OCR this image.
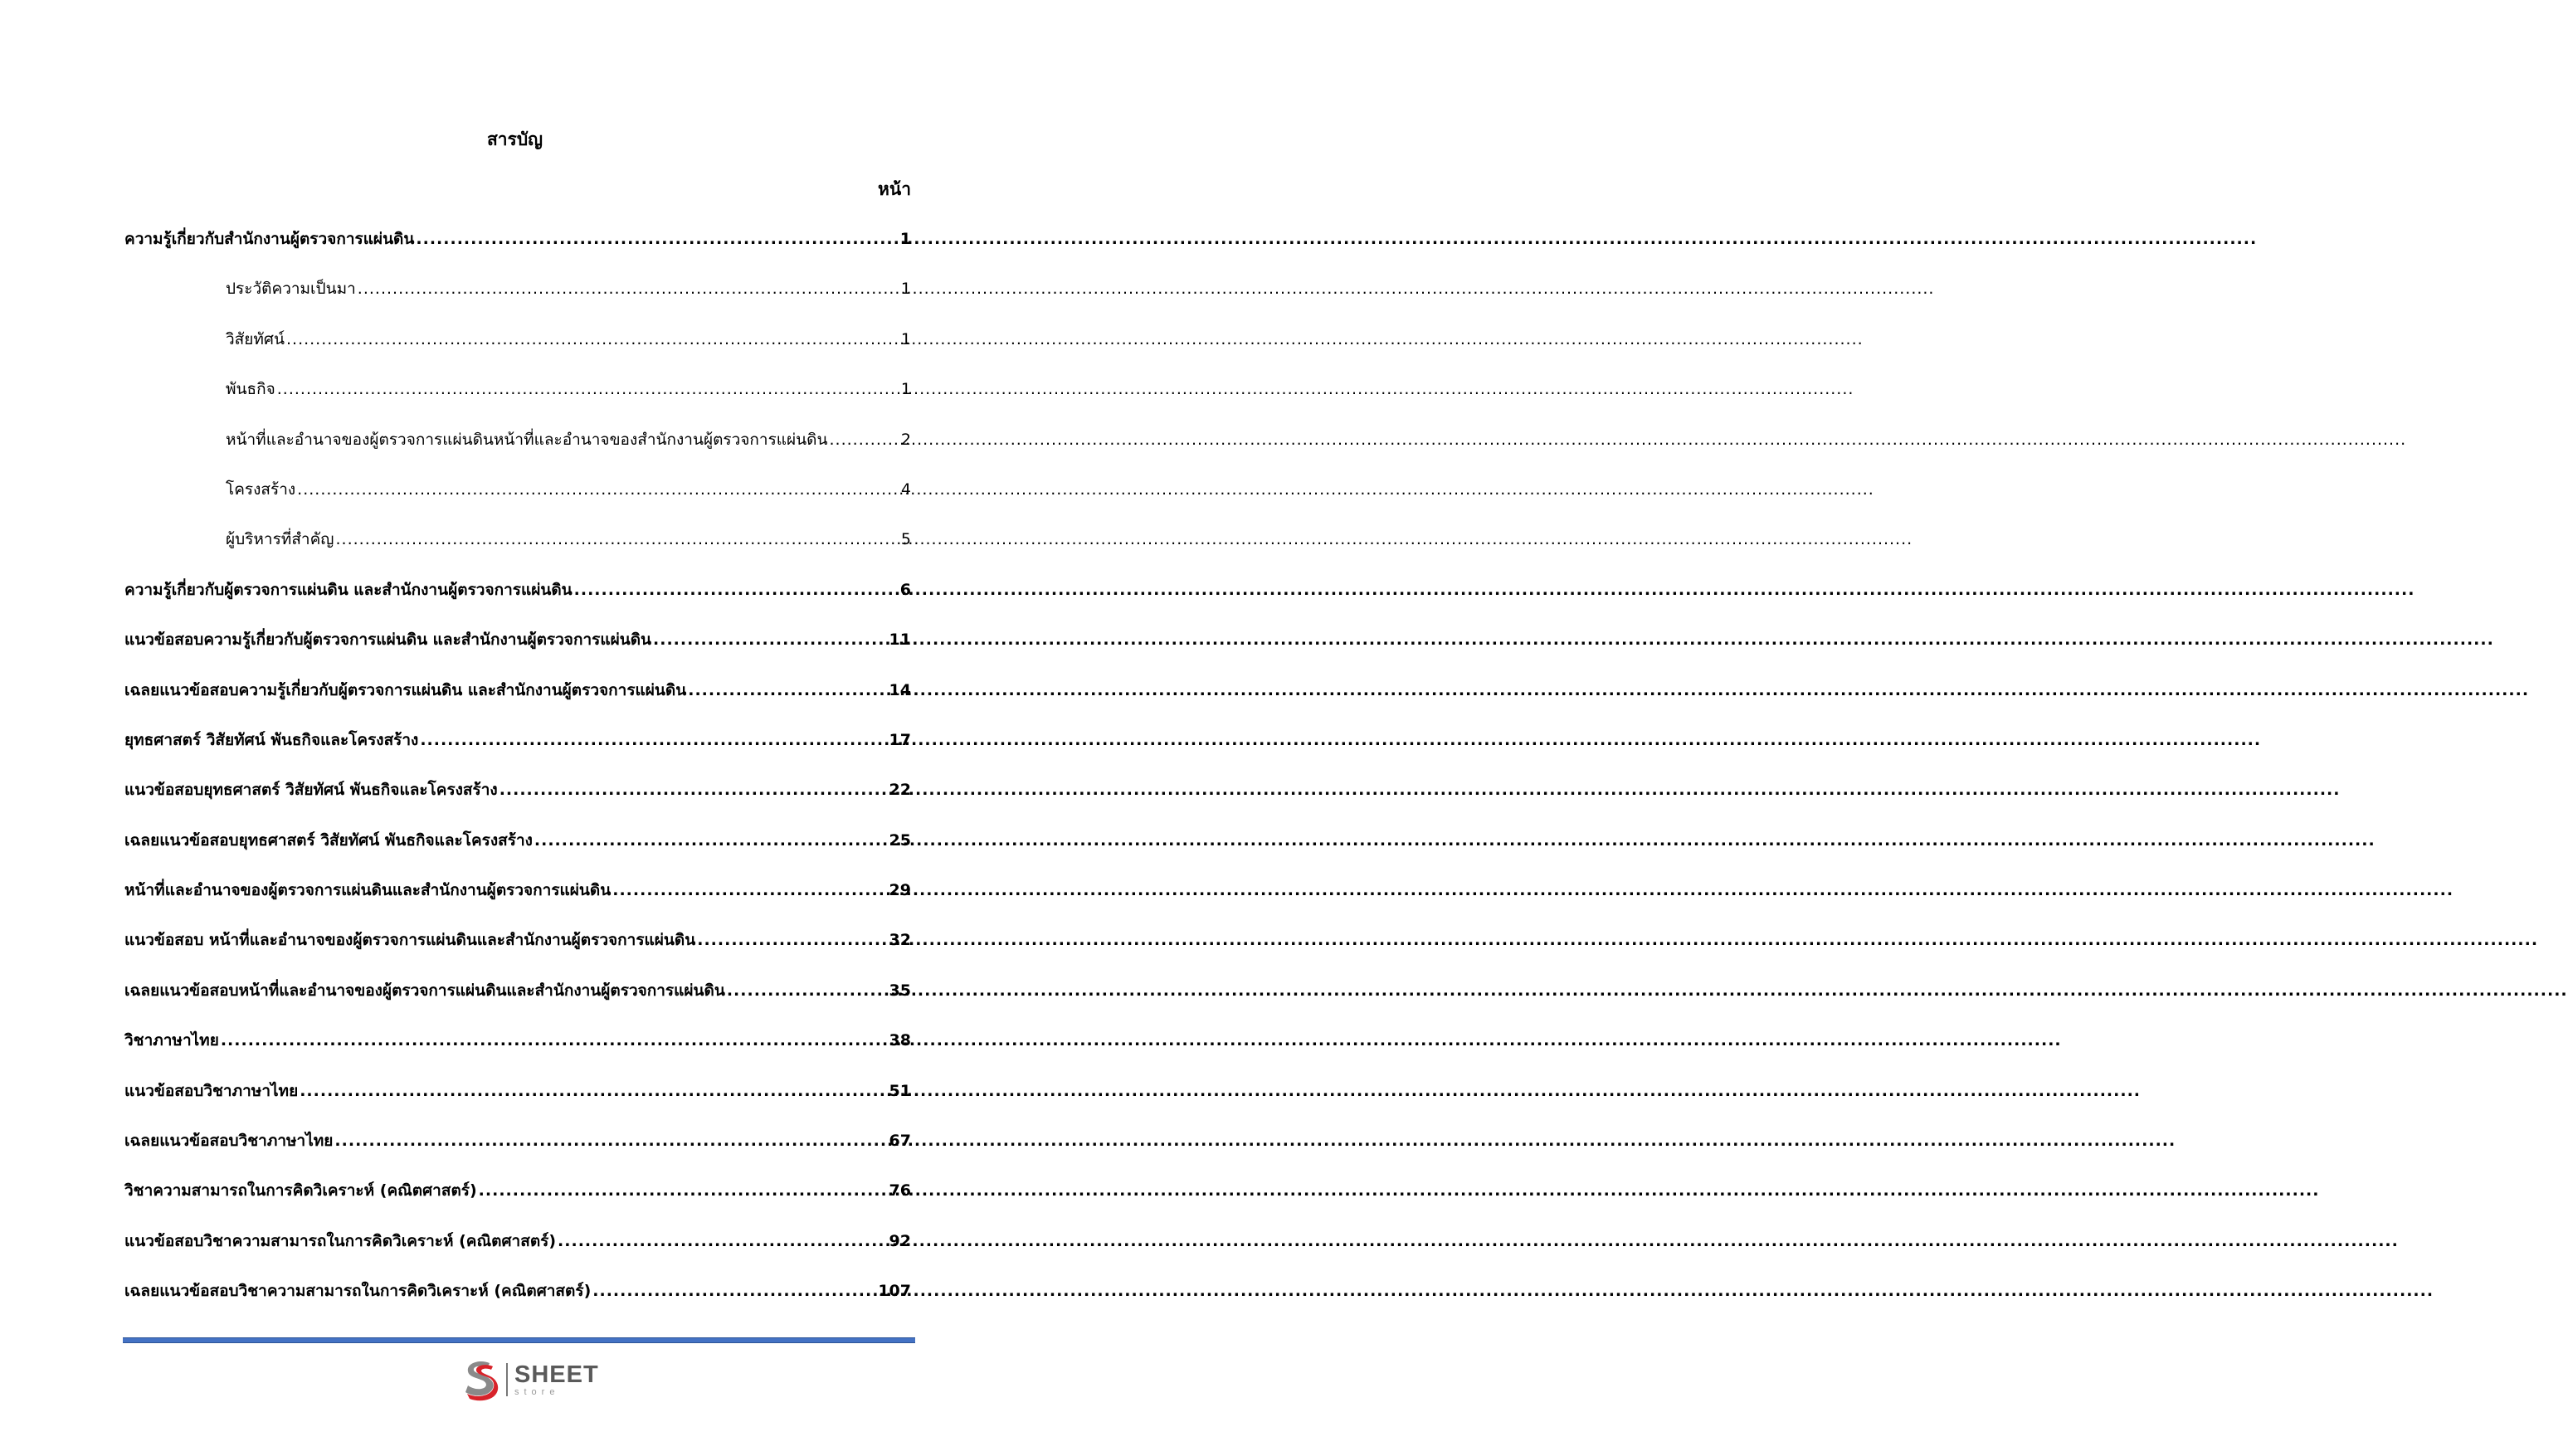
สารบัญ
หน้า
ความรู้เกี่ยวกับสำนักงานผู้ตรวจการแผ่นดิน .....	1
ประวัติความเป็นมา .....	1
วิสัยทัศน์ .....	1
พันธกิจ .....	1
หน้าที่และอำนาจของผู้ตรวจการแผ่นดินหน้าที่และอำนาจของสำนักงานผู้ตรวจการแผ่นดิน .....	2
โครงสร้าง .....	4
ผู้บริหารที่สำคัญ .....	5
ความรู้เกี่ยวกับผู้ตรวจการแผ่นดิน และสำนักงานผู้ตรวจการแผ่นดิน .....	6
แนวข้อสอบความรู้เกี่ยวกับผู้ตรวจการแผ่นดิน และสำนักงานผู้ตรวจการแผ่นดิน .....	11
เฉลยแนวข้อสอบความรู้เกี่ยวกับผู้ตรวจการแผ่นดิน และสำนักงานผู้ตรวจการแผ่นดิน .....	14
ยุทธศาสตร์ วิสัยทัศน์ พันธกิจและโครงสร้าง .....	17
แนวข้อสอบยุทธศาสตร์ วิสัยทัศน์ พันธกิจและโครงสร้าง .....	22
เฉลยแนวข้อสอบยุทธศาสตร์ วิสัยทัศน์ พันธกิจและโครงสร้าง .....	25
หน้าที่และอำนาจของผู้ตรวจการแผ่นดินและสำนักงานผู้ตรวจการแผ่นดิน .....	29
แนวข้อสอบ หน้าที่และอำนาจของผู้ตรวจการแผ่นดินและสำนักงานผู้ตรวจการแผ่นดิน .....	32
เฉลยแนวข้อสอบหน้าที่และอำนาจของผู้ตรวจการแผ่นดินและสำนักงานผู้ตรวจการแผ่นดิน .....	35
วิชาภาษาไทย .....	38
แนวข้อสอบวิชาภาษาไทย .....	51
เฉลยแนวข้อสอบวิชาภาษาไทย .....	67
วิชาความสามารถในการคิดวิเคราะห์ (คณิตศาสตร์) .....	76
แนวข้อสอบวิชาความสามารถในการคิดวิเคราะห์ (คณิตศาสตร์) .....	92
เฉลยแนวข้อสอบวิชาความสามารถในการคิดวิเคราะห์ (คณิตศาสตร์) .....	107
SHEET
store
